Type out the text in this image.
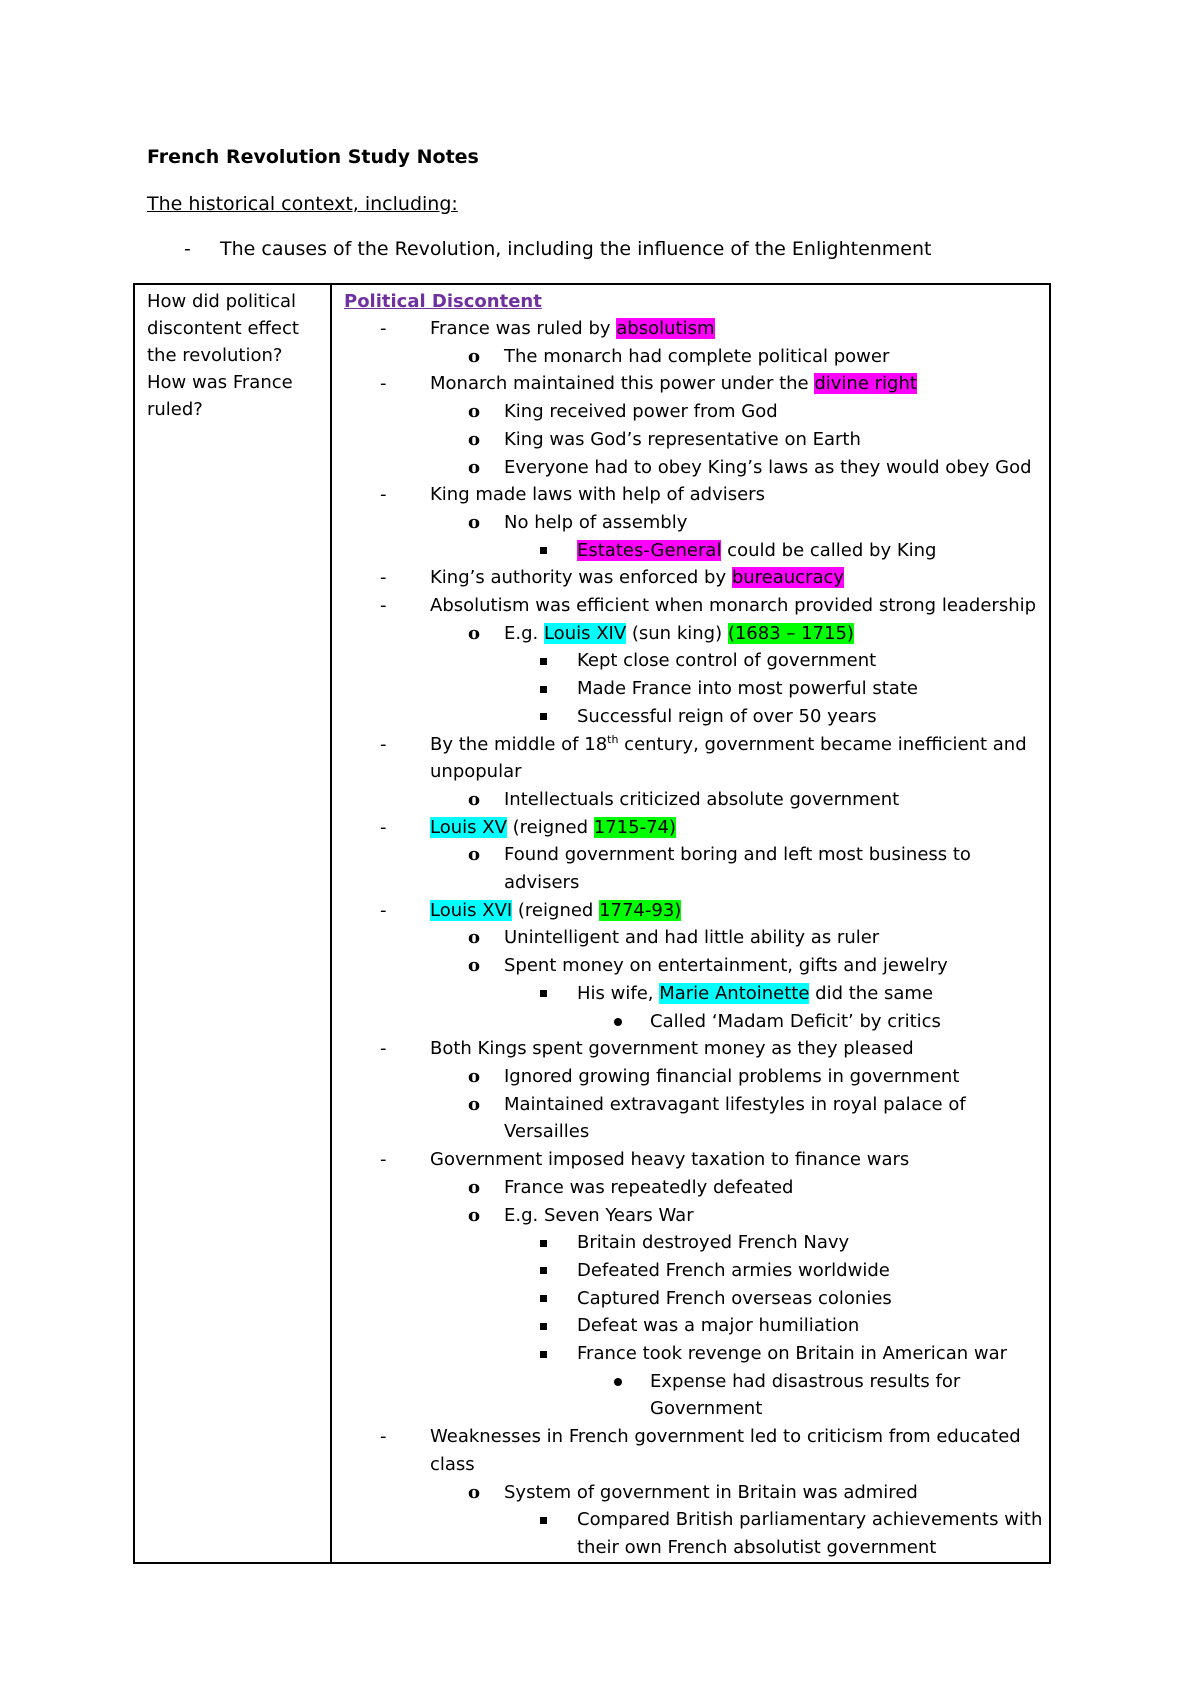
French Revolution Study Notes
The historical context, including:
- The causes of the Revolution, including the influence of the Enlightenment
How did political discontent effect the revolution?
How was France ruled?

Political Discontent
- France was ruled by absolutism
o The monarch had complete political power
- Monarch maintained this power under the divine right
o King received power from God
o King was God’s representative on Earth
o Everyone had to obey King’s laws as they would obey God
- King made laws with help of advisers
o No help of assembly
Estates-General could be called by King
- King’s authority was enforced by bureaucracy
- Absolutism was efficient when monarch provided strong leadership
o E.g. Louis XIV (sun king) (1683 – 1715)
Kept close control of government
Made France into most powerful state
Successful reign of over 50 years
- By the middle of 18th century, government became inefficient and unpopular
o Intellectuals criticized absolute government
- Louis XV (reigned 1715-74)
o Found government boring and left most business to advisers
- Louis XVI (reigned 1774-93)
o Unintelligent and had little ability as ruler
o Spent money on entertainment, gifts and jewelry
His wife, Marie Antoinette did the same
Called ‘Madam Deficit’ by critics
- Both Kings spent government money as they pleased
o Ignored growing financial problems in government
o Maintained extravagant lifestyles in royal palace of Versailles
- Government imposed heavy taxation to finance wars
o France was repeatedly defeated
o E.g. Seven Years War
Britain destroyed French Navy
Defeated French armies worldwide
Captured French overseas colonies
Defeat was a major humiliation
France took revenge on Britain in American war
Expense had disastrous results for Government
- Weaknesses in French government led to criticism from educated class
o System of government in Britain was admired
Compared British parliamentary achievements with their own French absolutist government
